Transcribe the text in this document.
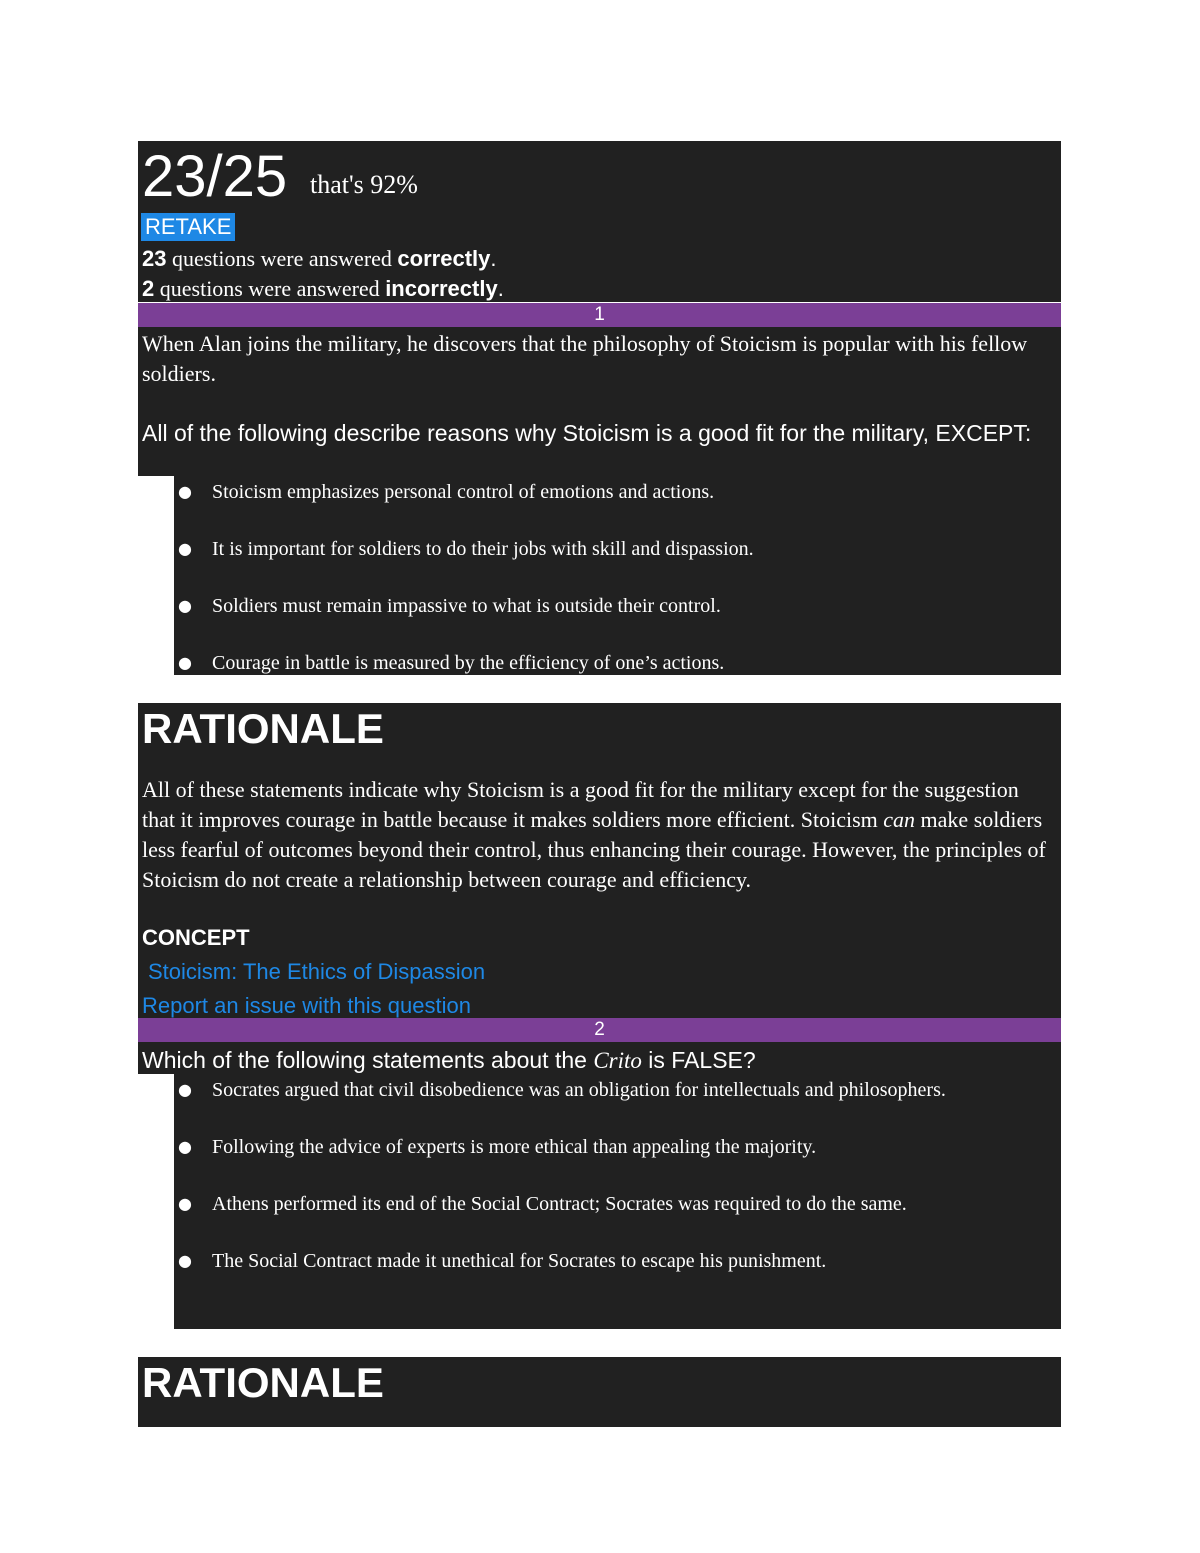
23/25 that's 92%
RETAKE
23 questions were answered correctly.
2 questions were answered incorrectly.
1
When Alan joins the military, he discovers that the philosophy of Stoicism is popular with his fellow soldiers.
All of the following describe reasons why Stoicism is a good fit for the military, EXCEPT:
● Stoicism emphasizes personal control of emotions and actions.
● It is important for soldiers to do their jobs with skill and dispassion.
● Soldiers must remain impassive to what is outside their control.
● Courage in battle is measured by the efficiency of one’s actions.
RATIONALE
All of these statements indicate why Stoicism is a good fit for the military except for the suggestion that it improves courage in battle because it makes soldiers more efficient. Stoicism can make soldiers less fearful of outcomes beyond their control, thus enhancing their courage. However, the principles of Stoicism do not create a relationship between courage and efficiency.
CONCEPT
Stoicism: The Ethics of Dispassion
Report an issue with this question
2
Which of the following statements about the Crito is FALSE?
● Socrates argued that civil disobedience was an obligation for intellectuals and philosophers.
● Following the advice of experts is more ethical than appealing the majority.
● Athens performed its end of the Social Contract; Socrates was required to do the same.
● The Social Contract made it unethical for Socrates to escape his punishment.
RATIONALE
